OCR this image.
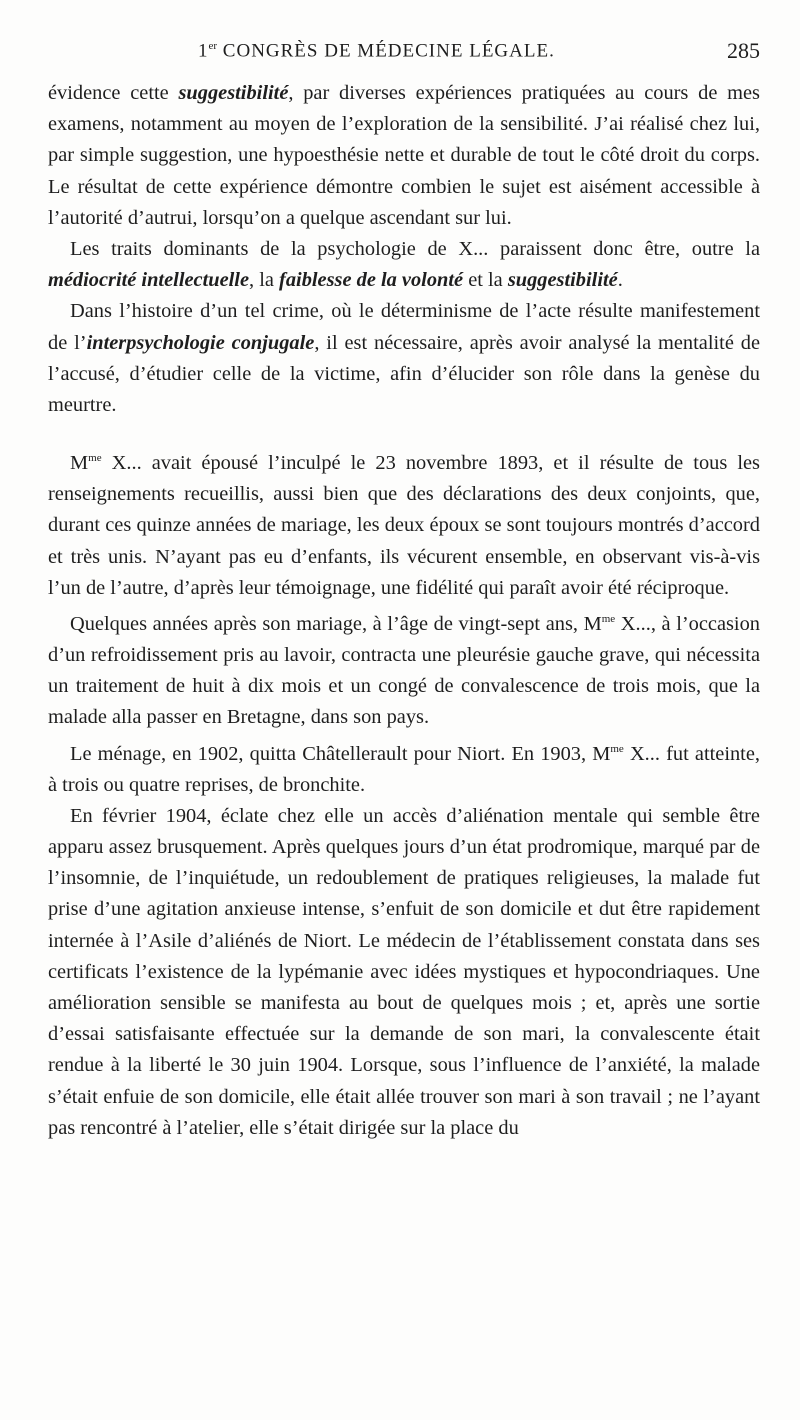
1er CONGRÈS DE MÉDECINE LÉGALE.	285

évidence cette suggestibilité, par diverses expériences pratiquées au cours de mes examens, notamment au moyen de l’exploration de la sensibilité. J’ai réalisé chez lui, par simple suggestion, une hypoesthésie nette et durable de tout le côté droit du corps. Le résultat de cette expérience démontre combien le sujet est aisément accessible à l’autorité d’autrui, lorsqu’on a quelque ascendant sur lui.

Les traits dominants de la psychologie de X... paraissent donc être, outre la médiocrité intellectuelle, la faiblesse de la volonté et la suggestibilité.

Dans l’histoire d’un tel crime, où le déterminisme de l’acte résulte manifestement de l’interpsychologie conjugale, il est nécessaire, après avoir analysé la mentalité de l’accusé, d’étudier celle de la victime, afin d’élucider son rôle dans la genèse du meurtre.

$M^{me}$ X... avait épousé l’inculpé le 23 novembre 1893, et il résulte de tous les renseignements recueillis, aussi bien que des déclarations des deux conjoints, que, durant ces quinze années de mariage, les deux époux se sont toujours montrés d’accord et très unis. N’ayant pas eu d’enfants, ils vécurent ensemble, en observant vis-à-vis l’un de l’autre, d’après leur témoignage, une fidélité qui paraît avoir été réciproque.

Quelques années après son mariage, à l’âge de vingt-sept ans, $M^{me}$ X..., à l’occasion d’un refroidissement pris au lavoir, contracta une pleurésie gauche grave, qui nécessita un traitement de huit à dix mois et un congé de convalescence de trois mois, que la malade alla passer en Bretagne, dans son pays.

Le ménage, en 1902, quitta Châtellerault pour Niort. En 1903, $M^{me}$ X... fut atteinte, à trois ou quatre reprises, de bronchite.

En février 1904, éclate chez elle un accès d’aliénation mentale qui semble être apparu assez brusquement. Après quelques jours d’un état prodromique, marqué par de l’insomnie, de l’inquiétude, un redoublement de pratiques religieuses, la malade fut prise d’une agitation anxieuse intense, s’enfuit de son domicile et dut être rapidement internée à l’Asile d’aliénés de Niort. Le médecin de l’établissement constata dans ses certificats l’existence de la lypémanie avec idées mystiques et hypocondriaques. Une amélioration sensible se manifesta au bout de quelques mois ; et, après une sortie d’essai satisfaisante effectuée sur la demande de son mari, la convalescente était rendue à la liberté le 30 juin 1904. Lorsque, sous l’influence de l’anxiété, la malade s’était enfuie de son domicile, elle était allée trouver son mari à son travail ; ne l’ayant pas rencontré à l’atelier, elle s’était dirigée sur la place du
